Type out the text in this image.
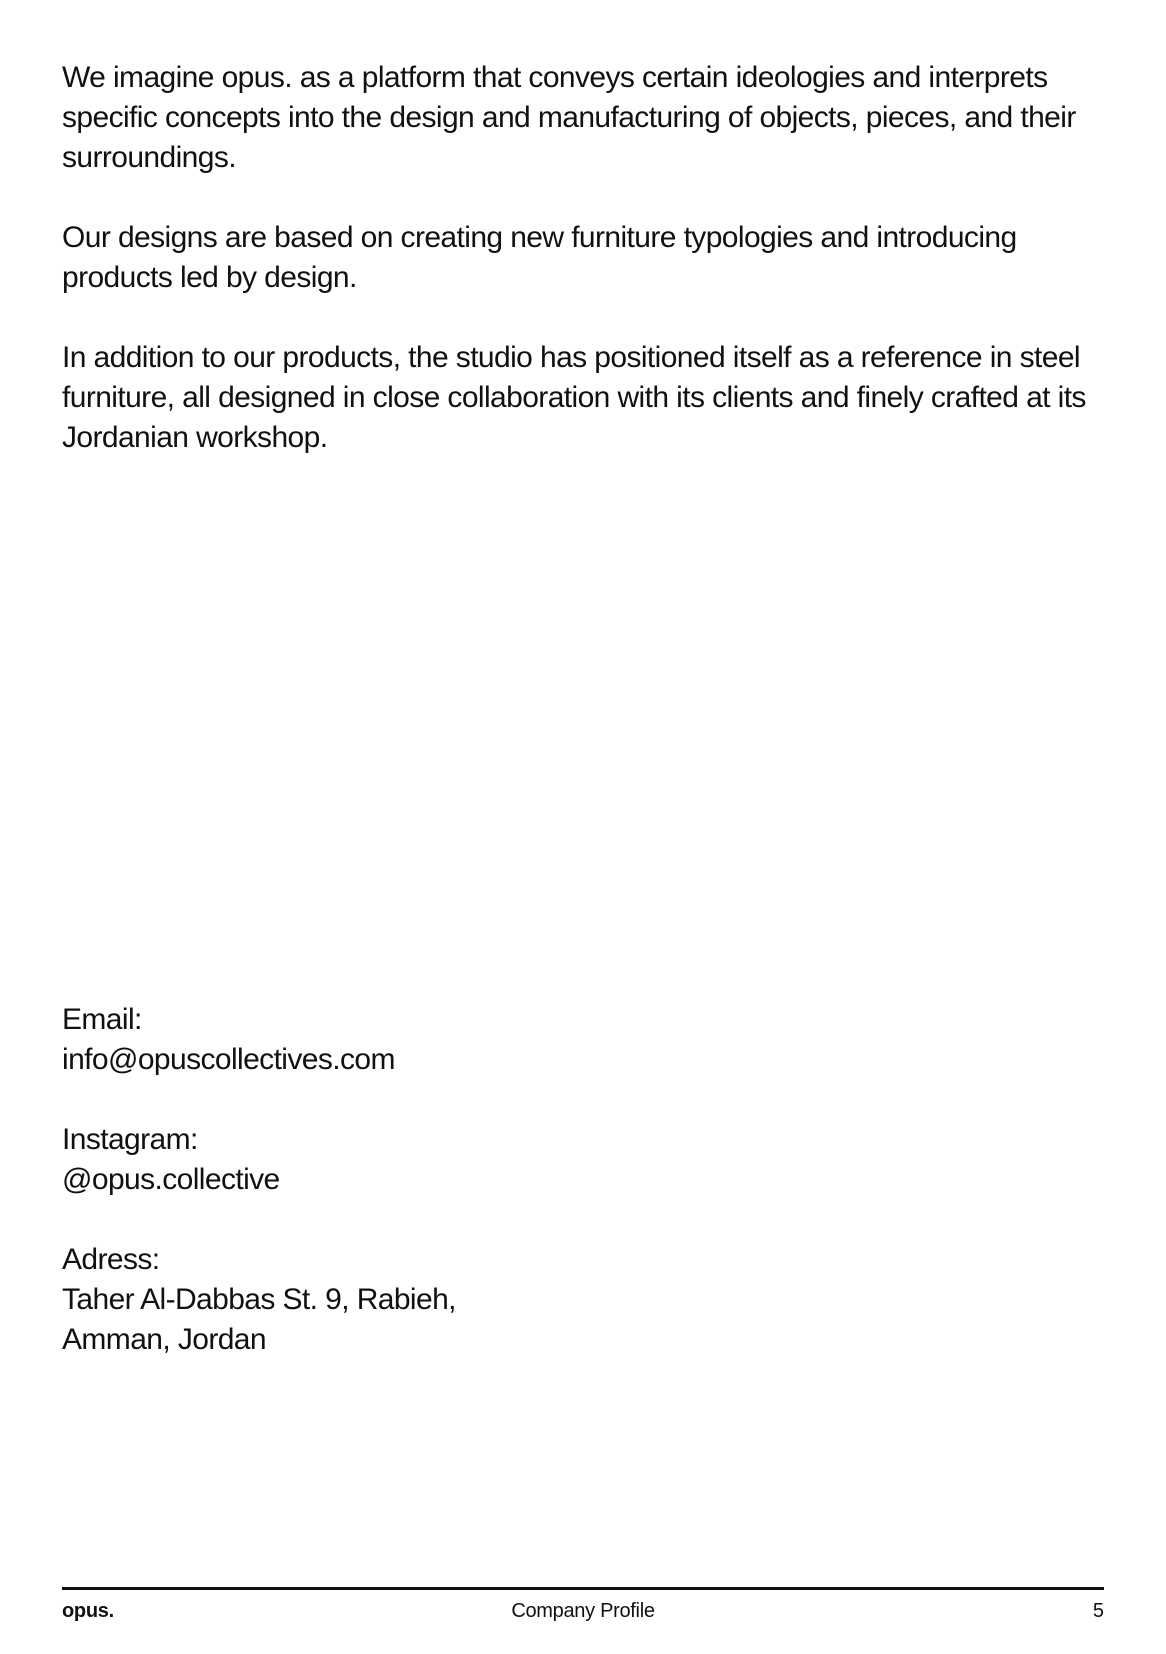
We imagine opus. as a platform that conveys certain ideologies and interprets specific concepts into the design and manufacturing of objects, pieces, and their surroundings.

Our designs are based on creating new furniture typologies and introducing products led by design.

In addition to our products, the studio has positioned itself as a reference in steel furniture, all designed in close collaboration with its clients and finely crafted at its Jordanian workshop.

Email:
info@opuscollectives.com
Instagram:
@opus.collective
Adress:
Taher Al-Dabbas St. 9, Rabieh,
Amman, Jordan
opus.	Company Profile	5
